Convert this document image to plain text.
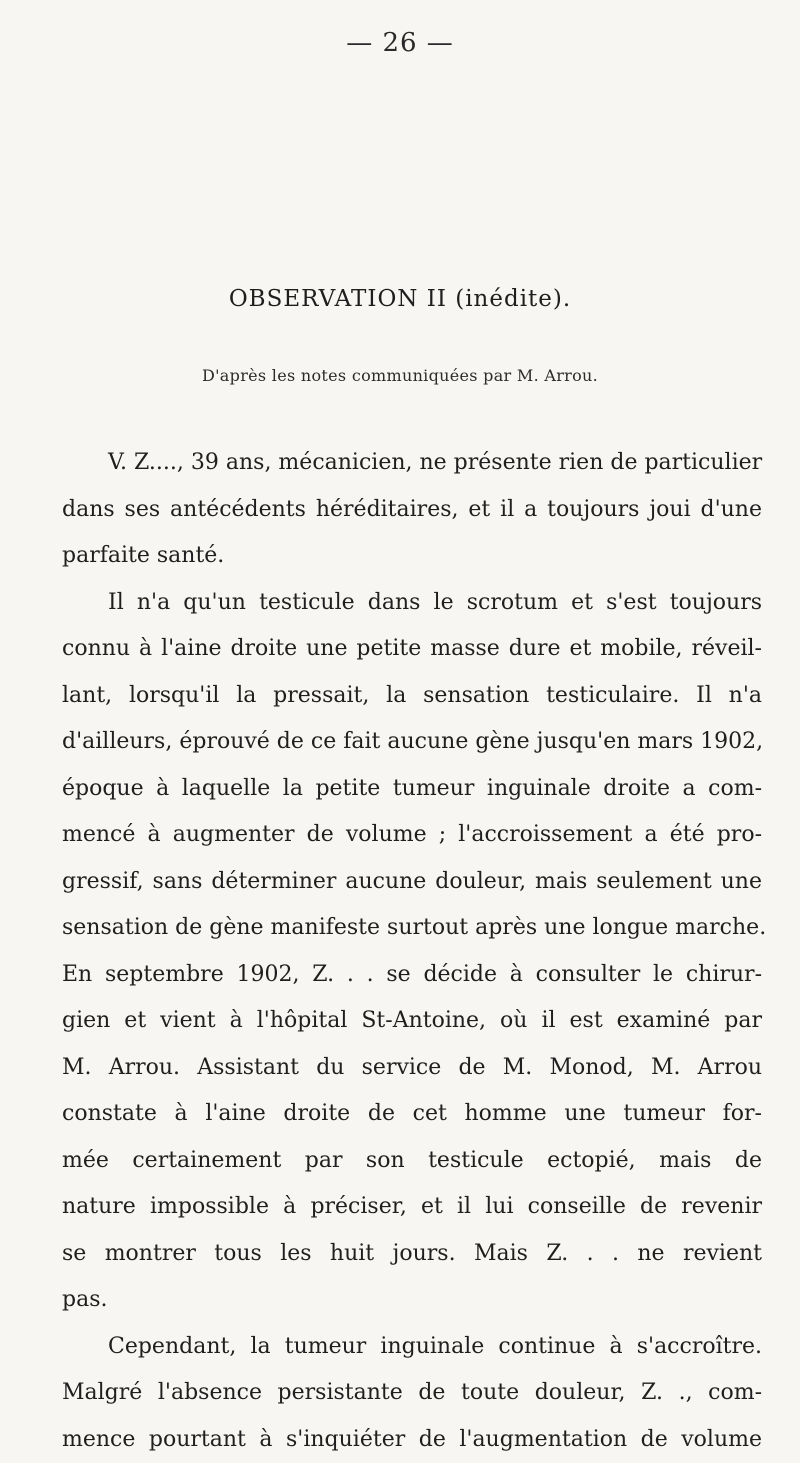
— 26 —
OBSERVATION II (inédite).
D'après les notes communiquées par M. Arrou.
V. Z...., 39 ans, mécanicien, ne présente rien de particulier
dans ses antécédents héréditaires, et il a toujours joui d'une
parfaite santé.
Il n'a qu'un testicule dans le scrotum et s'est toujours
connu à l'aine droite une petite masse dure et mobile, réveil-
lant, lorsqu'il la pressait, la sensation testiculaire. Il n'a
d'ailleurs, éprouvé de ce fait aucune gène jusqu'en mars 1902,
époque à laquelle la petite tumeur inguinale droite a com-
mencé à augmenter de volume ; l'accroissement a été pro-
gressif, sans déterminer aucune douleur, mais seulement une
sensation de gène manifeste surtout après une longue marche.
En septembre 1902, Z. . . se décide à consulter le chirur-
gien et vient à l'hôpital St-Antoine, où il est examiné par
M. Arrou. Assistant du service de M. Monod, M. Arrou
constate à l'aine droite de cet homme une tumeur for-
mée certainement par son testicule ectopié, mais de
nature impossible à préciser, et il lui conseille de revenir
se montrer tous les huit jours. Mais Z. . . ne revient
pas.
Cependant, la tumeur inguinale continue à s'accroître.
Malgré l'absence persistante de toute douleur, Z. ., com-
mence pourtant à s'inquiéter de l'augmentation de volume
